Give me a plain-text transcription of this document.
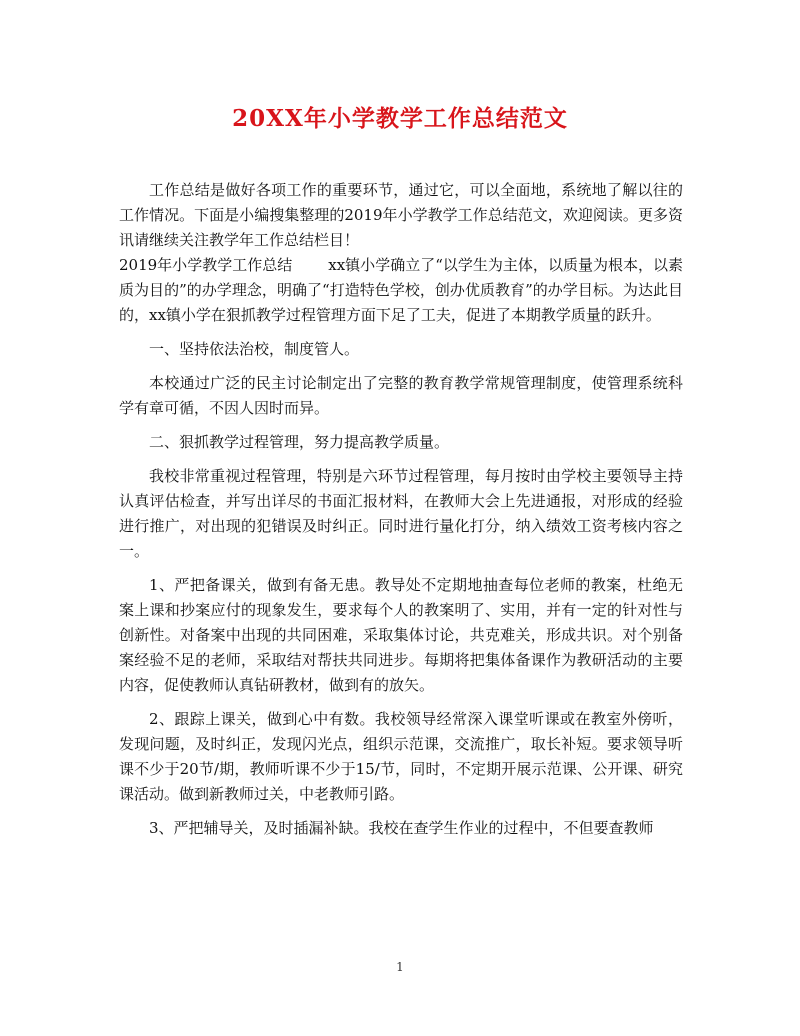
20XX年小学教学工作总结范文

工作总结是做好各项工作的重要环节，通过它，可以全面地，系统地了解以往的工作情况。下面是小编搜集整理的2019年小学教学工作总结范文，欢迎阅读。更多资讯请继续关注教学年工作总结栏目！

2019年小学教学工作总结 xx镇小学确立了“以学生为主体，以质量为根本，以素质为目的”的办学理念，明确了“打造特色学校，创办优质教育”的办学目标。为达此目的，xx镇小学在狠抓教学过程管理方面下足了工夫，促进了本期教学质量的跃升。

一、坚持依法治校，制度管人。

本校通过广泛的民主讨论制定出了完整的教育教学常规管理制度，使管理系统科学有章可循，不因人因时而异。

二、狠抓教学过程管理，努力提高教学质量。

我校非常重视过程管理，特别是六环节过程管理，每月按时由学校主要领导主持认真评估检查，并写出详尽的书面汇报材料，在教师大会上先进通报，对形成的经验进行推广，对出现的犯错误及时纠正。同时进行量化打分，纳入绩效工资考核内容之一。

1、严把备课关，做到有备无患。教导处不定期地抽查每位老师的教案，杜绝无案上课和抄案应付的现象发生，要求每个人的教案明了、实用，并有一定的针对性与创新性。对备案中出现的共同困难，采取集体讨论，共克难关，形成共识。对个别备案经验不足的老师，采取结对帮扶共同进步。每期将把集体备课作为教研活动的主要内容，促使教师认真钻研教材，做到有的放矢。

2、跟踪上课关，做到心中有数。我校领导经常深入课堂听课或在教室外傍听，发现问题，及时纠正，发现闪光点，组织示范课，交流推广，取长补短。要求领导听课不少于20节/期，教师听课不少于15/节，同时，不定期开展示范课、公开课、研究课活动。做到新教师过关，中老教师引路。

3、严把辅导关，及时插漏补缺。我校在查学生作业的过程中，不但要查教师

1
